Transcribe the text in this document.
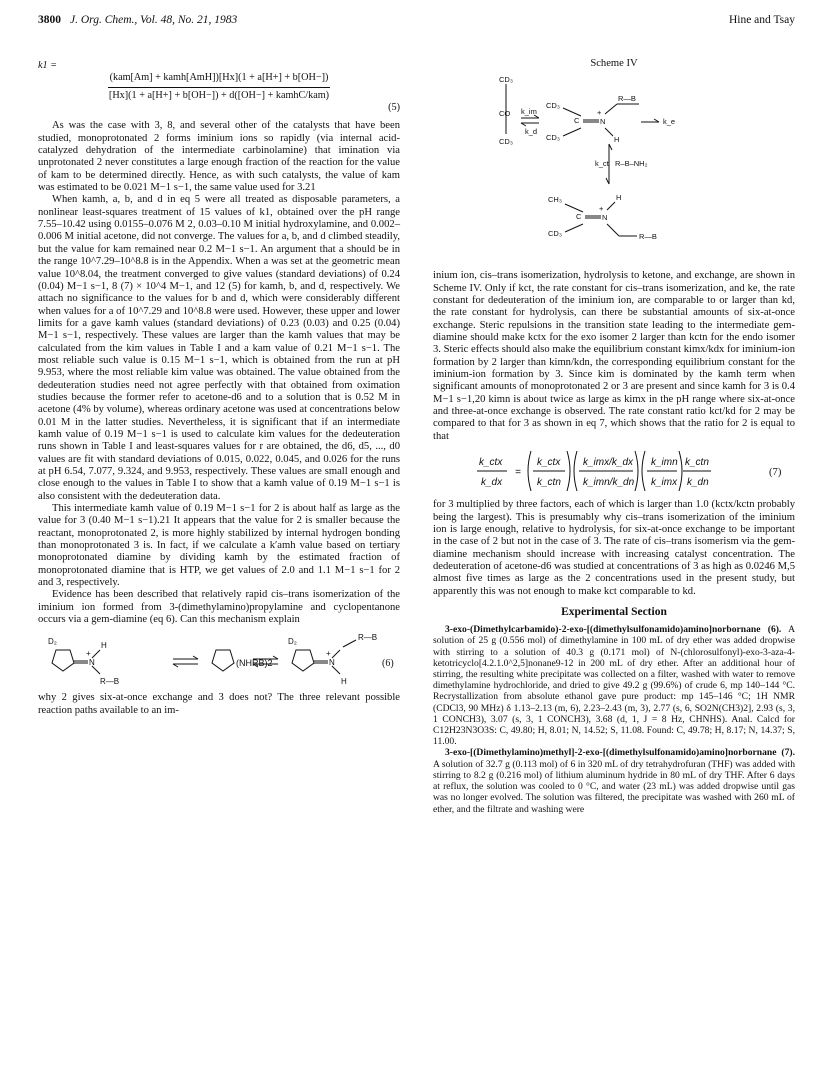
3800 J. Org. Chem., Vol. 48, No. 21, 1983	Hine and Tsay
k1 =
(kam[Am] + kamh[AmH])[Hx](1 + a[H+] + b[OH−])
[Hx](1 + a[H+] + b[OH−]) + d([OH−] + kamhC/kam)
(5)

As was the case with 3, 8, and several other of the catalysts that have been studied, monoprotonated 2 forms iminium ions so rapidly (via internal acid-catalyzed dehydration of the intermediate carbinolamine) that imination via unprotonated 2 never constitutes a large enough fraction of the reaction for the value of kam to be determined directly. Hence, as with such catalysts, the value of kam was estimated to be 0.021 M−1 s−1, the same value used for 3.21

When kamh, a, b, and d in eq 5 were all treated as disposable parameters, a nonlinear least-squares treatment of 15 values of k1, obtained over the pH range 7.55–10.42 using 0.0155–0.076 M 2, 0.03–0.10 M initial hydroxylamine, and 0.002–0.006 M initial acetone, did not converge. The values for a, b, and d climbed steadily, but the value for kam remained near 0.2 M−1 s−1. An argument that a should be in the range 10^7.29–10^8.8 is in the Appendix. When a was set at the geometric mean value 10^8.04, the treatment converged to give values (standard deviations) of 0.24 (0.04) M−1 s−1, 8 (7) × 10^4 M−1, and 12 (5) for kamh, b, and d, respectively. We attach no significance to the values for b and d, which were considerably different when values for a of 10^7.29 and 10^8.8 were used. However, these upper and lower limits for a gave kamh values (standard deviations) of 0.23 (0.03) and 0.25 (0.04) M−1 s−1, respectively. These values are larger than the kamh values that may be calculated from the kim values in Table I and a kam value of 0.21 M−1 s−1. The most reliable such value is 0.15 M−1 s−1, which is obtained from the run at pH 9.953, where the most reliable kim value was obtained. The value obtained from the dedeuteration studies need not agree perfectly with that obtained from oximation studies because the former refer to acetone-d6 and to a solution that is 0.52 M in acetone (4% by volume), whereas ordinary acetone was used at concentrations below 0.01 M in the latter studies. Nevertheless, it is significant that if an intermediate kamh value of 0.19 M−1 s−1 is used to calculate kim values for the dedeuteration runs shown in Table I and least-squares values for r are obtained, the d6, d5, ..., d0 values are fit with standard deviations of 0.015, 0.022, 0.045, and 0.026 for the runs at pH 6.54, 7.077, 9.324, and 9.953, respectively. These values are small enough and close enough to the values in Table I to show that a kamh value of 0.19 M−1 s−1 is also consistent with the dedeuteration data.

This intermediate kamh value of 0.19 M−1 s−1 for 2 is about half as large as the value for 3 (0.40 M−1 s−1).21 It appears that the value for 2 is smaller because the reactant, monoprotonated 2, is more highly stabilized by internal hydrogen bonding than monoprotonated 3 is. In fact, if we calculate a k′amh value based on tertiary monoprotonated diamine by dividing kamh by the estimated fraction of monoprotonated diamine that is HTP, we get values of 2.0 and 1.1 M−1 s−1 for 2 and 3, respectively.

Evidence has been described that relatively rapid cis–trans isomerization of the iminium ion formed from 3-(dimethylamino)propylamine and cyclopentanone occurs via a gem-diamine (eq 6). Can this mechanism explain

D₂
N
+
H
R—B
D₂
N
+
R—B
H
(NHRB)2	(6)

why 2 gives six-at-once exchange and 3 does not? The three relevant possible reaction paths available to an im-

Scheme IV
CD₃
CO
CD₃
k_im
k_d
CD₃
CD₃
N
+
C
R—B
H
k_e
k_ct R–B–NH₂
CH₃
CD₃
N
+
C
H
R—B

inium ion, cis–trans isomerization, hydrolysis to ketone, and exchange, are shown in Scheme IV. Only if kct, the rate constant for cis–trans isomerization, and ke, the rate constant for dedeuteration of the iminium ion, are comparable to or larger than kd, the rate constant for hydrolysis, can there be substantial amounts of six-at-once exchange. Steric repulsions in the transition state leading to the intermediate gem-diamine should make kctx for the exo isomer 2 larger than kctn for the endo isomer 3. Steric effects should also make the equilibrium constant kimx/kdx for iminium-ion formation by 2 larger than kimn/kdn, the corresponding equilibrium constant for the iminium-ion formation by 3. Since kim is dominated by the kamh term when significant amounts of monoprotonated 2 or 3 are present and since kamh for 3 is 0.4 M−1 s−1,20 kimn is about twice as large as kimx in the pH range where six-at-once and three-at-once exchange is observed. The rate constant ratio kct/kd for 2 may be compared to that for 3 as shown in eq 7, which shows that the ratio for 2 is equal to that

k_ctx
k_dx
=
k_ctx
k_ctn
k_imx/k_dx
k_imn/k_dn
k_imn
k_imx
k_ctn
k_dn
(7)

for 3 multiplied by three factors, each of which is larger than 1.0 (kctx/kctn probably being the largest). This is presumably why cis–trans isomerization of the iminium ion is large enough, relative to hydrolysis, for six-at-once exchange to be important in the case of 2 but not in the case of 3. The rate of cis–trans isomerism via the gem-diamine mechanism should increase with increasing catalyst concentration. The dedeuteration of acetone-d6 was studied at concentrations of 3 as high as 0.0246 M,5 almost five times as large as the 2 concentrations used in the present study, but apparently this was not enough to make kct comparable to kd.

Experimental Section

3-exo-(Dimethylcarbamido)-2-exo-[(dimethylsulfonamido)amino]norbornane (6). A solution of 25 g (0.556 mol) of dimethylamine in 100 mL of dry ether was added dropwise with stirring to a solution of 40.3 g (0.171 mol) of N-(chlorosulfonyl)-exo-3-aza-4-ketotricyclo[4.2.1.0^2,5]nonane9-12 in 200 mL of dry ether. After an additional hour of stirring, the resulting white precipitate was collected on a filter, washed with water to remove dimethylamine hydrochloride, and dried to give 49.2 g (99.6%) of crude 6, mp 140–144 °C. Recrystallization from absolute ethanol gave pure product: mp 145–146 °C; 1H NMR (CDCl3, 90 MHz) δ 1.13–2.13 (m, 6), 2.23–2.43 (m, 3), 2.77 (s, 6, SO2N(CH3)2], 2.93 (s, 3, 1 CONCH3), 3.07 (s, 3, 1 CONCH3), 3.68 (d, 1, J = 8 Hz, CHNHS). Anal. Calcd for C12H23N3O3S: C, 49.80; H, 8.01; N, 14.52; S, 11.08. Found: C, 49.78; H, 8.17; N, 14.37; S, 11.00.

3-exo-[(Dimethylamino)methyl]-2-exo-[(dimethylsulfonamido)amino]norbornane (7). A solution of 32.7 g (0.113 mol) of 6 in 320 mL of dry tetrahydrofuran (THF) was added with stirring to 8.2 g (0.216 mol) of lithium aluminum hydride in 80 mL of dry THF. After 6 days at reflux, the solution was cooled to 0 °C, and water (23 mL) was added dropwise until gas was no longer evolved. The solution was filtered, the precipitate was washed with 260 mL of ether, and the filtrate and washing were
